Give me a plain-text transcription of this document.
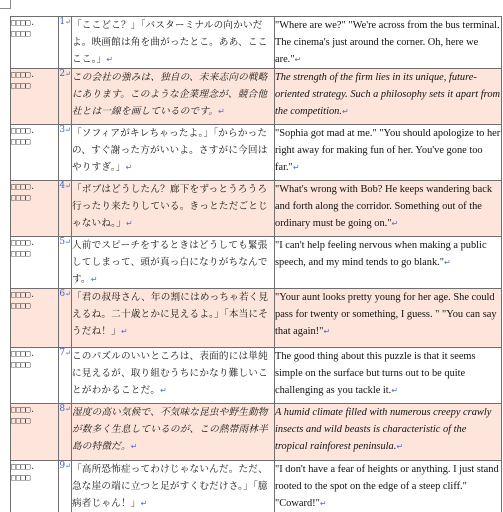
□□□□.
□□□□	1↵	「ここどこ？」「バスターミナルの向かいだよ。映画館は角を曲がったとこ。ああ、ここここ。」↵	"Where are we?" "We're across from the bus terminal. The cinema's just around the corner. Oh, here we are."↵

□□□□.
□□□□	2↵	この会社の強みは、独自の、未来志向の戦略にあります。このような企業理念が、競合他社とは一線を画しているのです。↵	The strength of the firm lies in its unique, future-oriented strategy. Such a philosophy sets it apart from the competition.↵

□□□□.
□□□□	3↵	「ソフィアがキレちゃったよ。」「からかったの、すぐ謝った方がいいよ。さすがに今回はやりすぎ。」↵	"Sophia got mad at me." "You should apologize to her right away for making fun of her. You've gone too far."↵

□□□□.
□□□□	4↵	「ボブはどうしたん？廊下をずっとうろうろ行ったり来たりしている。きっとただごとじゃないね。」↵	"What's wrong with Bob? He keeps wandering back and forth along the corridor. Something out of the ordinary must be going on."↵

□□□□.
□□□□	5↵	人前でスピーチをするときはどうしても緊張してしまって、頭が真っ白になりがちなんです。↵	"I can't help feeling nervous when making a public speech, and my mind tends to go blank."↵

□□□□.
□□□□	6↵	「君の叔母さん、年の割にはめっちゃ若く見えるね。二十歳とかに見えるよ。」「本当にそうだね！」↵	"Your aunt looks pretty young for her age. She could pass for twenty or something, I guess. " "You can say that again!"↵

□□□□.
□□□□	7↵	このパズルのいいところは、表面的には単純に見えるが、取り組むうちにかなり難しいことがわかることだ。↵	The good thing about this puzzle is that it seems simple on the surface but turns out to be quite challenging as you tackle it.↵

□□□□.
□□□□	8↵	湿度の高い気候で、不気味な昆虫や野生動物が数多く生息しているのが、この熱帯雨林半島の特徴だ。↵	A humid climate filled with numerous creepy crawly insects and wild beasts is characteristic of the tropical rainforest peninsula.↵

□□□□.
□□□□	9↵	「高所恐怖症ってわけじゃないんだ。ただ、急な崖の端に立つと足がすくむだけさ。」「臆病者じゃん！」↵	"I don't have a fear of heights or anything. I just stand rooted to the spot on the edge of a steep cliff." "Coward!"↵
